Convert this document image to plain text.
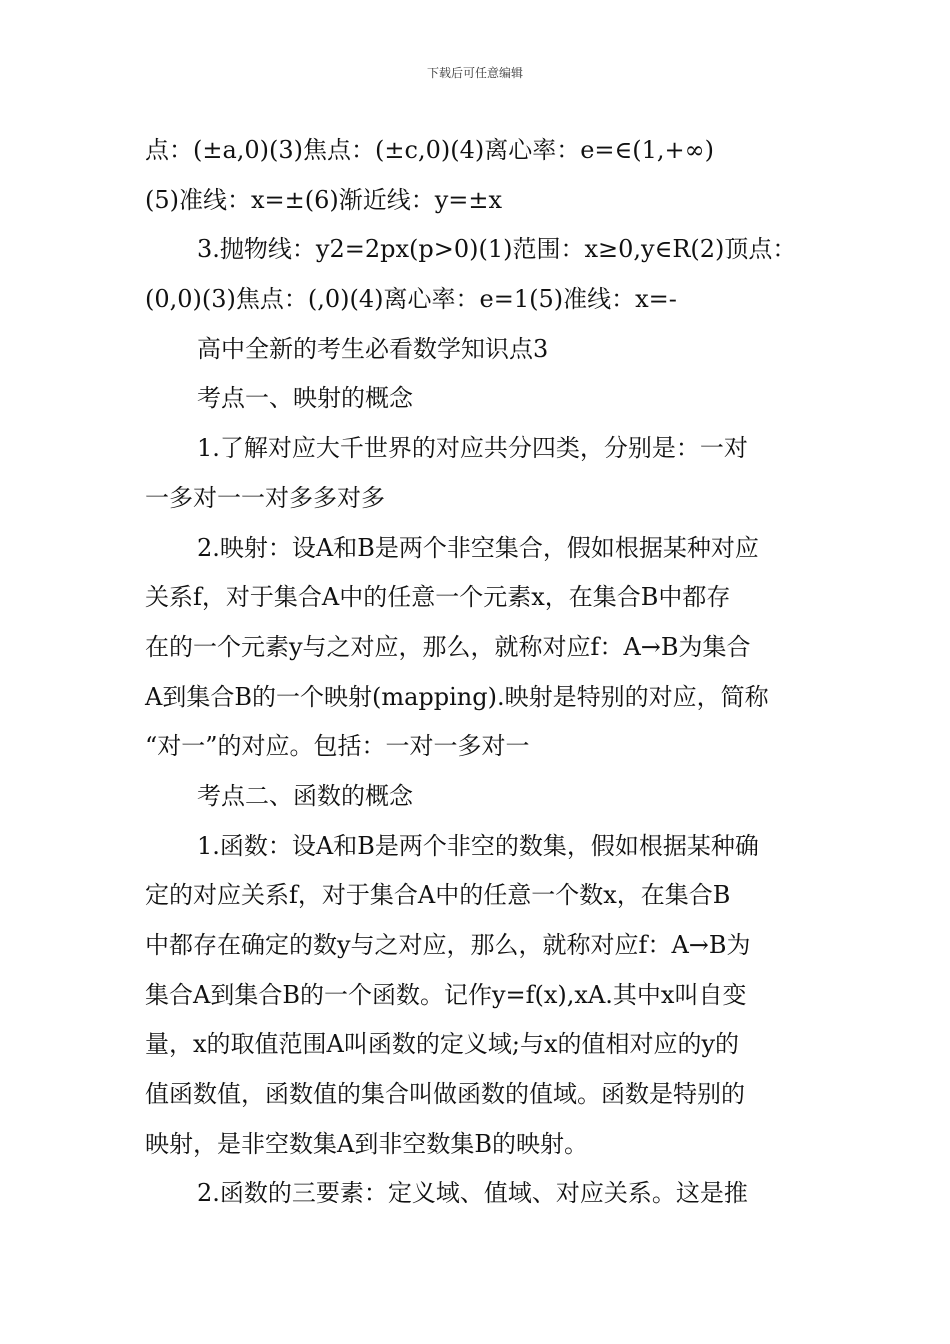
下载后可任意编辑
点：(±a,0)(3)焦点：(±c,0)(4)离心率：e=∈(1,+∞)
(5)准线：x=±(6)渐近线：y=±x
3.抛物线：y2=2px(p>0)(1)范围：x≥0,y∈R(2)顶点：
(0,0)(3)焦点：(,0)(4)离心率：e=1(5)准线：x=-
高中全新的考生必看数学知识点3
考点一、映射的概念
1.了解对应大千世界的对应共分四类，分别是：一对
一多对一一对多多对多
2.映射：设A和B是两个非空集合，假如根据某种对应
关系f，对于集合A中的任意一个元素x，在集合B中都存
在的一个元素y与之对应，那么，就称对应f：A→B为集合
A到集合B的一个映射(mapping).映射是特别的对应，简称
“对一”的对应。包括：一对一多对一
考点二、函数的概念
1.函数：设A和B是两个非空的数集，假如根据某种确
定的对应关系f，对于集合A中的任意一个数x，在集合B
中都存在确定的数y与之对应，那么，就称对应f：A→B为
集合A到集合B的一个函数。记作y=f(x),xA.其中x叫自变
量，x的取值范围A叫函数的定义域;与x的值相对应的y的
值函数值，函数值的集合叫做函数的值域。函数是特别的
映射，是非空数集A到非空数集B的映射。
2.函数的三要素：定义域、值域、对应关系。这是推
